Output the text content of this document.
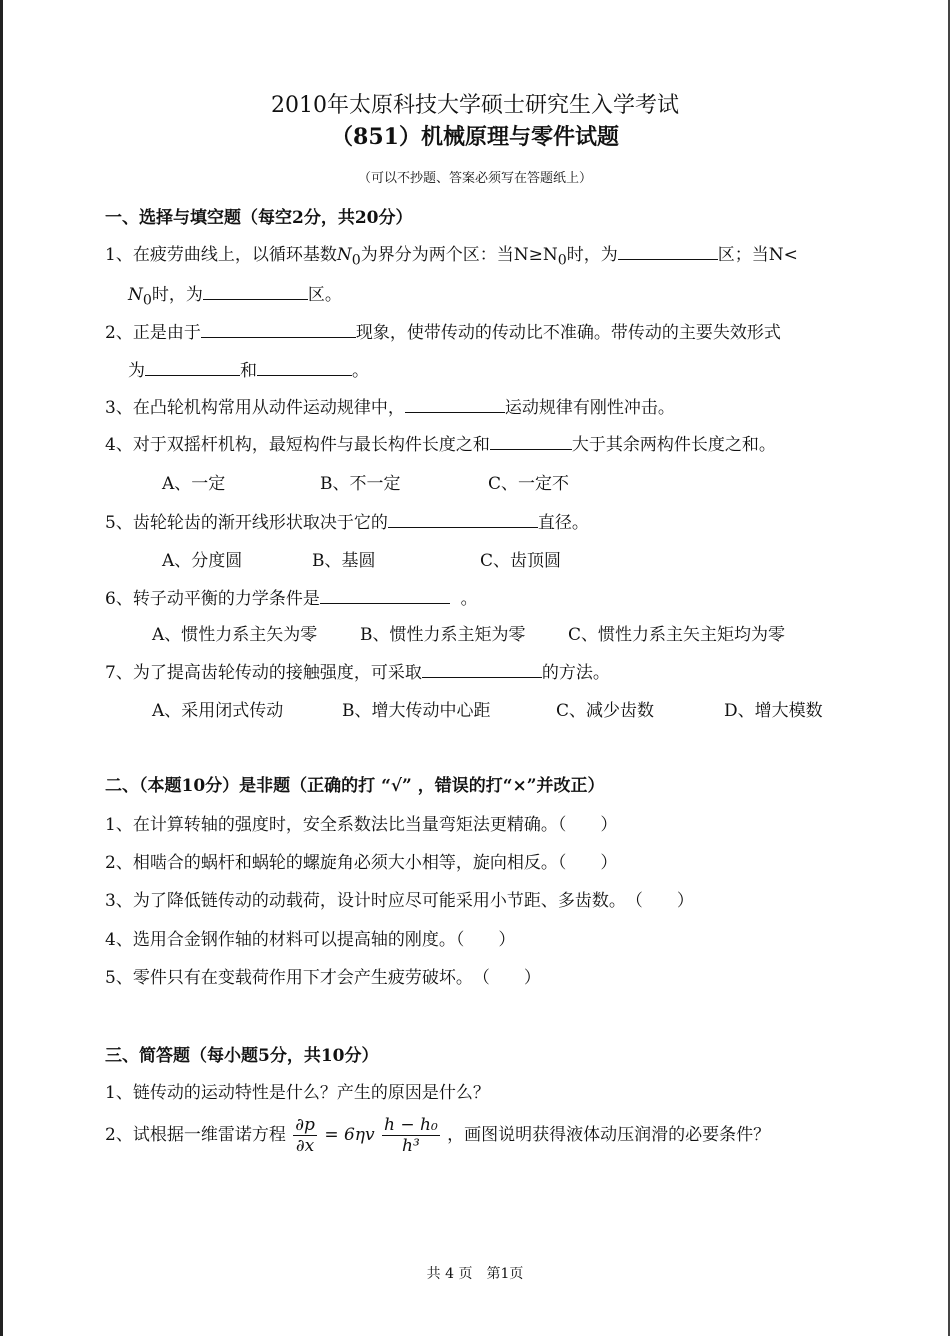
2010年太原科技大学硕士研究生入学考试
（851）机械原理与零件试题
（可以不抄题、答案必须写在答题纸上）
一、选择与填空题（每空2分，共20分）
1、在疲劳曲线上，以循环基数$N_0$为界分为两个区：当$N\ge N_0$时，为	区；当N<
$N_0$时，为	区。
2、正是由于	现象，使带传动的传动比不准确。带传动的主要失效形式
为	和	。
3、在凸轮机构常用从动件运动规律中，	运动规律有刚性冲击。
4、对于双摇杆机构，最短构件与最长构件长度之和	大于其余两构件长度之和。
A、一定	B、不一定	C、一定不
5、齿轮轮齿的渐开线形状取决于它的	直径。
A、分度圆	B、基圆	C、齿顶圆
6、转子动平衡的力学条件是	。
A、惯性力系主矢为零	B、惯性力系主矩为零	C、惯性力系主矢主矩均为零
7、为了提高齿轮传动的接触强度，可采取	的方法。
A、采用闭式传动	B、增大传动中心距	C、减少齿数	D、增大模数
二、（本题10分）是非题（正确的打 “√” ，错误的打“×”并改正）
1、在计算转轴的强度时，安全系数法比当量弯矩法更精确。（　　）
2、相啮合的蜗杆和蜗轮的螺旋角必须大小相等，旋向相反。（　　）
3、为了降低链传动的动载荷，设计时应尽可能采用小节距、多齿数。　（　　）
4、选用合金钢作轴的材料可以提高轴的刚度。（　　）
5、零件只有在变载荷作用下才会产生疲劳破坏。　（　　）
三、简答题（每小题5分，共10分）
1、链传动的运动特性是什么？产生的原因是什么？
2、试根据一维雷诺方程 $\frac{\partial p}{\partial x} = 6\eta v \frac{\text{h − h₀}}{\text{h³}}$ ，画图说明获得液体动压润滑的必要条件？
共 4 页　第1页
